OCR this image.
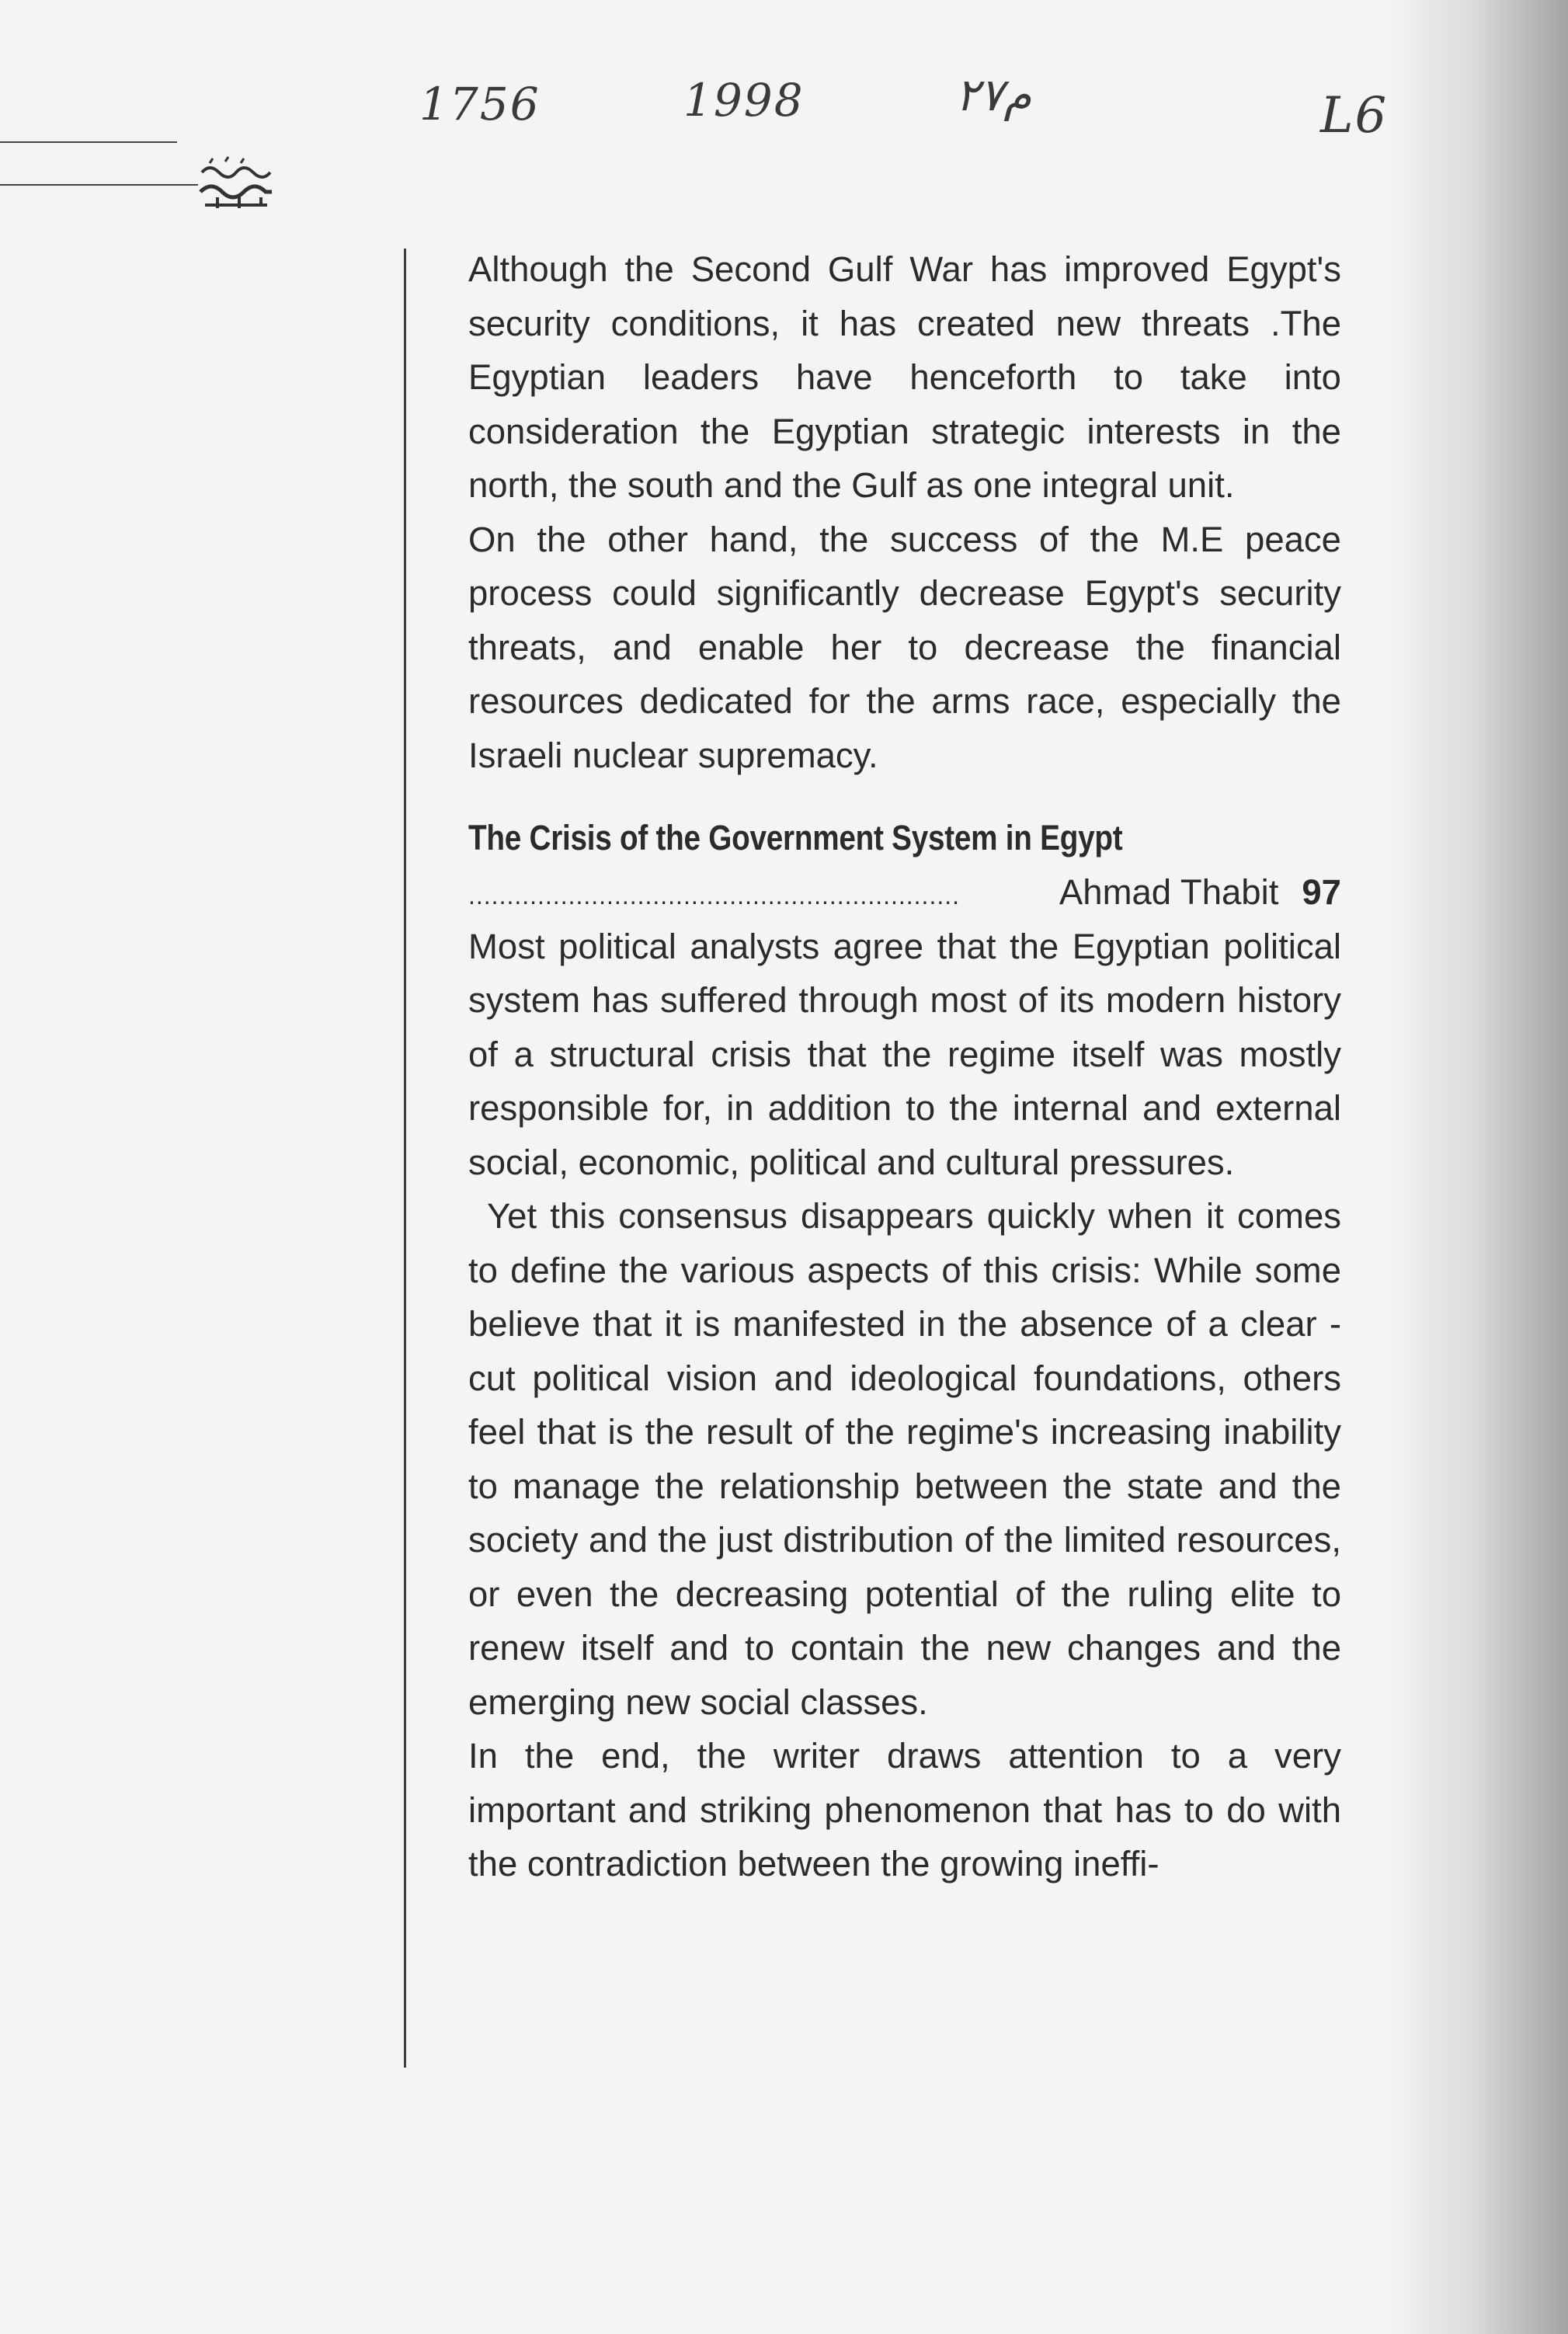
1756	1998	م٢٧	L6

Although the Second Gulf War has improved Egypt's security conditions, it has created new threats .The Egyptian leaders have henceforth to take into consideration the Egyptian strategic interests in the north, the south and the Gulf as one integral unit.

On the other hand, the success of the M.E peace process could significantly decrease Egypt's security threats, and enable her to decrease the financial resources dedicated for the arms race, especially the Israeli nuclear supremacy.

The Crisis of the Government System in Egypt
................................................................	Ahmad Thabit 97

Most political analysts agree that the Egyptian political system has suffered through most of its modern history of a structural crisis that the regime itself was mostly responsible for, in addition to the internal and external social, economic, political and cultural pressures.

Yet this consensus disappears quickly when it comes to define the various aspects of this crisis: While some believe that it is manifested in the absence of a clear -cut political vision and ideological foundations, others feel that is the result of the regime's increasing inability to manage the relationship between the state and the society and the just distribution of the limited resources, or even the decreasing potential of the ruling elite to renew itself and to contain the new changes and the emerging new social classes.

In the end, the writer draws attention to a very important and striking phenomenon that has to do with the contradiction between the growing ineffi-
